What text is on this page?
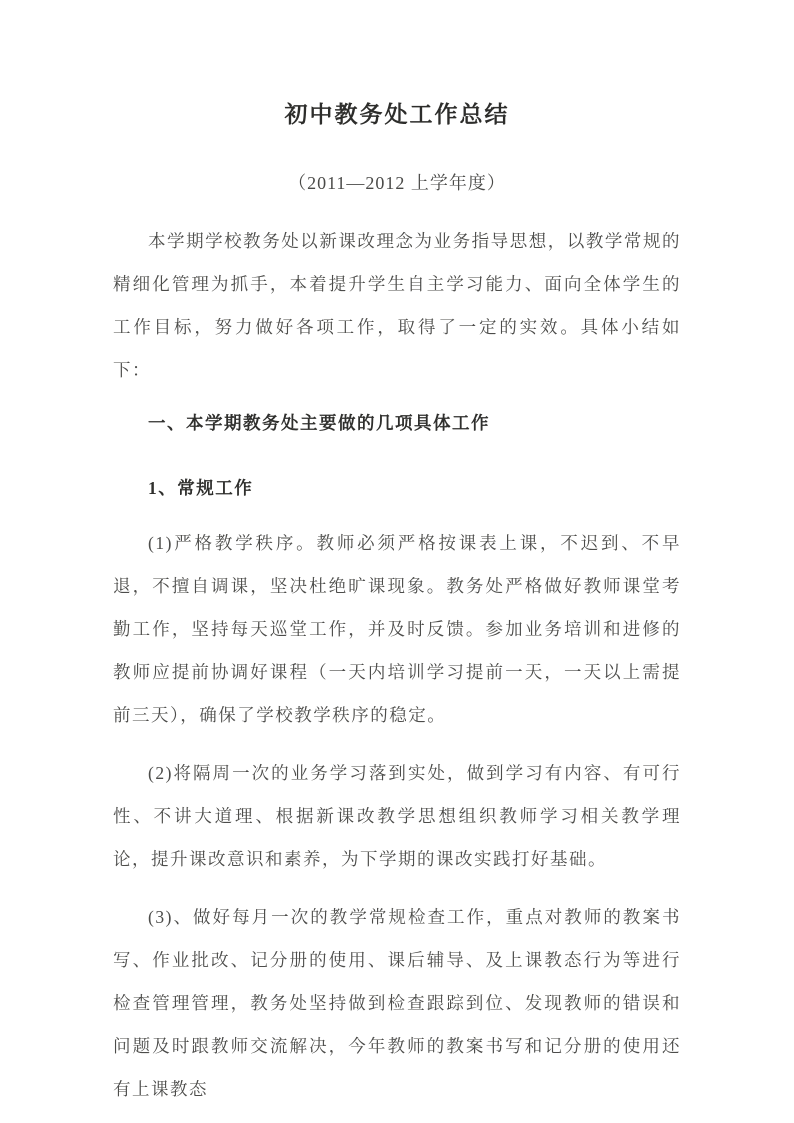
初中教务处工作总结

（2011—2012 上学年度）

本学期学校教务处以新课改理念为业务指导思想，以教学常规的精细化管理为抓手，本着提升学生自主学习能力、面向全体学生的工作目标，努力做好各项工作，取得了一定的实效。具体小结如下：

一、本学期教务处主要做的几项具体工作

1、常规工作

(1)严格教学秩序。教师必须严格按课表上课，不迟到、不早退，不擅自调课，坚决杜绝旷课现象。教务处严格做好教师课堂考勤工作，坚持每天巡堂工作，并及时反馈。参加业务培训和进修的教师应提前协调好课程（一天内培训学习提前一天，一天以上需提前三天），确保了学校教学秩序的稳定。

(2)将隔周一次的业务学习落到实处，做到学习有内容、有可行性、不讲大道理、根据新课改教学思想组织教师学习相关教学理论，提升课改意识和素养，为下学期的课改实践打好基础。

(3)、做好每月一次的教学常规检查工作，重点对教师的教案书写、作业批改、记分册的使用、课后辅导、及上课教态行为等进行检查管理管理，教务处坚持做到检查跟踪到位、发现教师的错误和问题及时跟教师交流解决，今年教师的教案书写和记分册的使用还有上课教态
